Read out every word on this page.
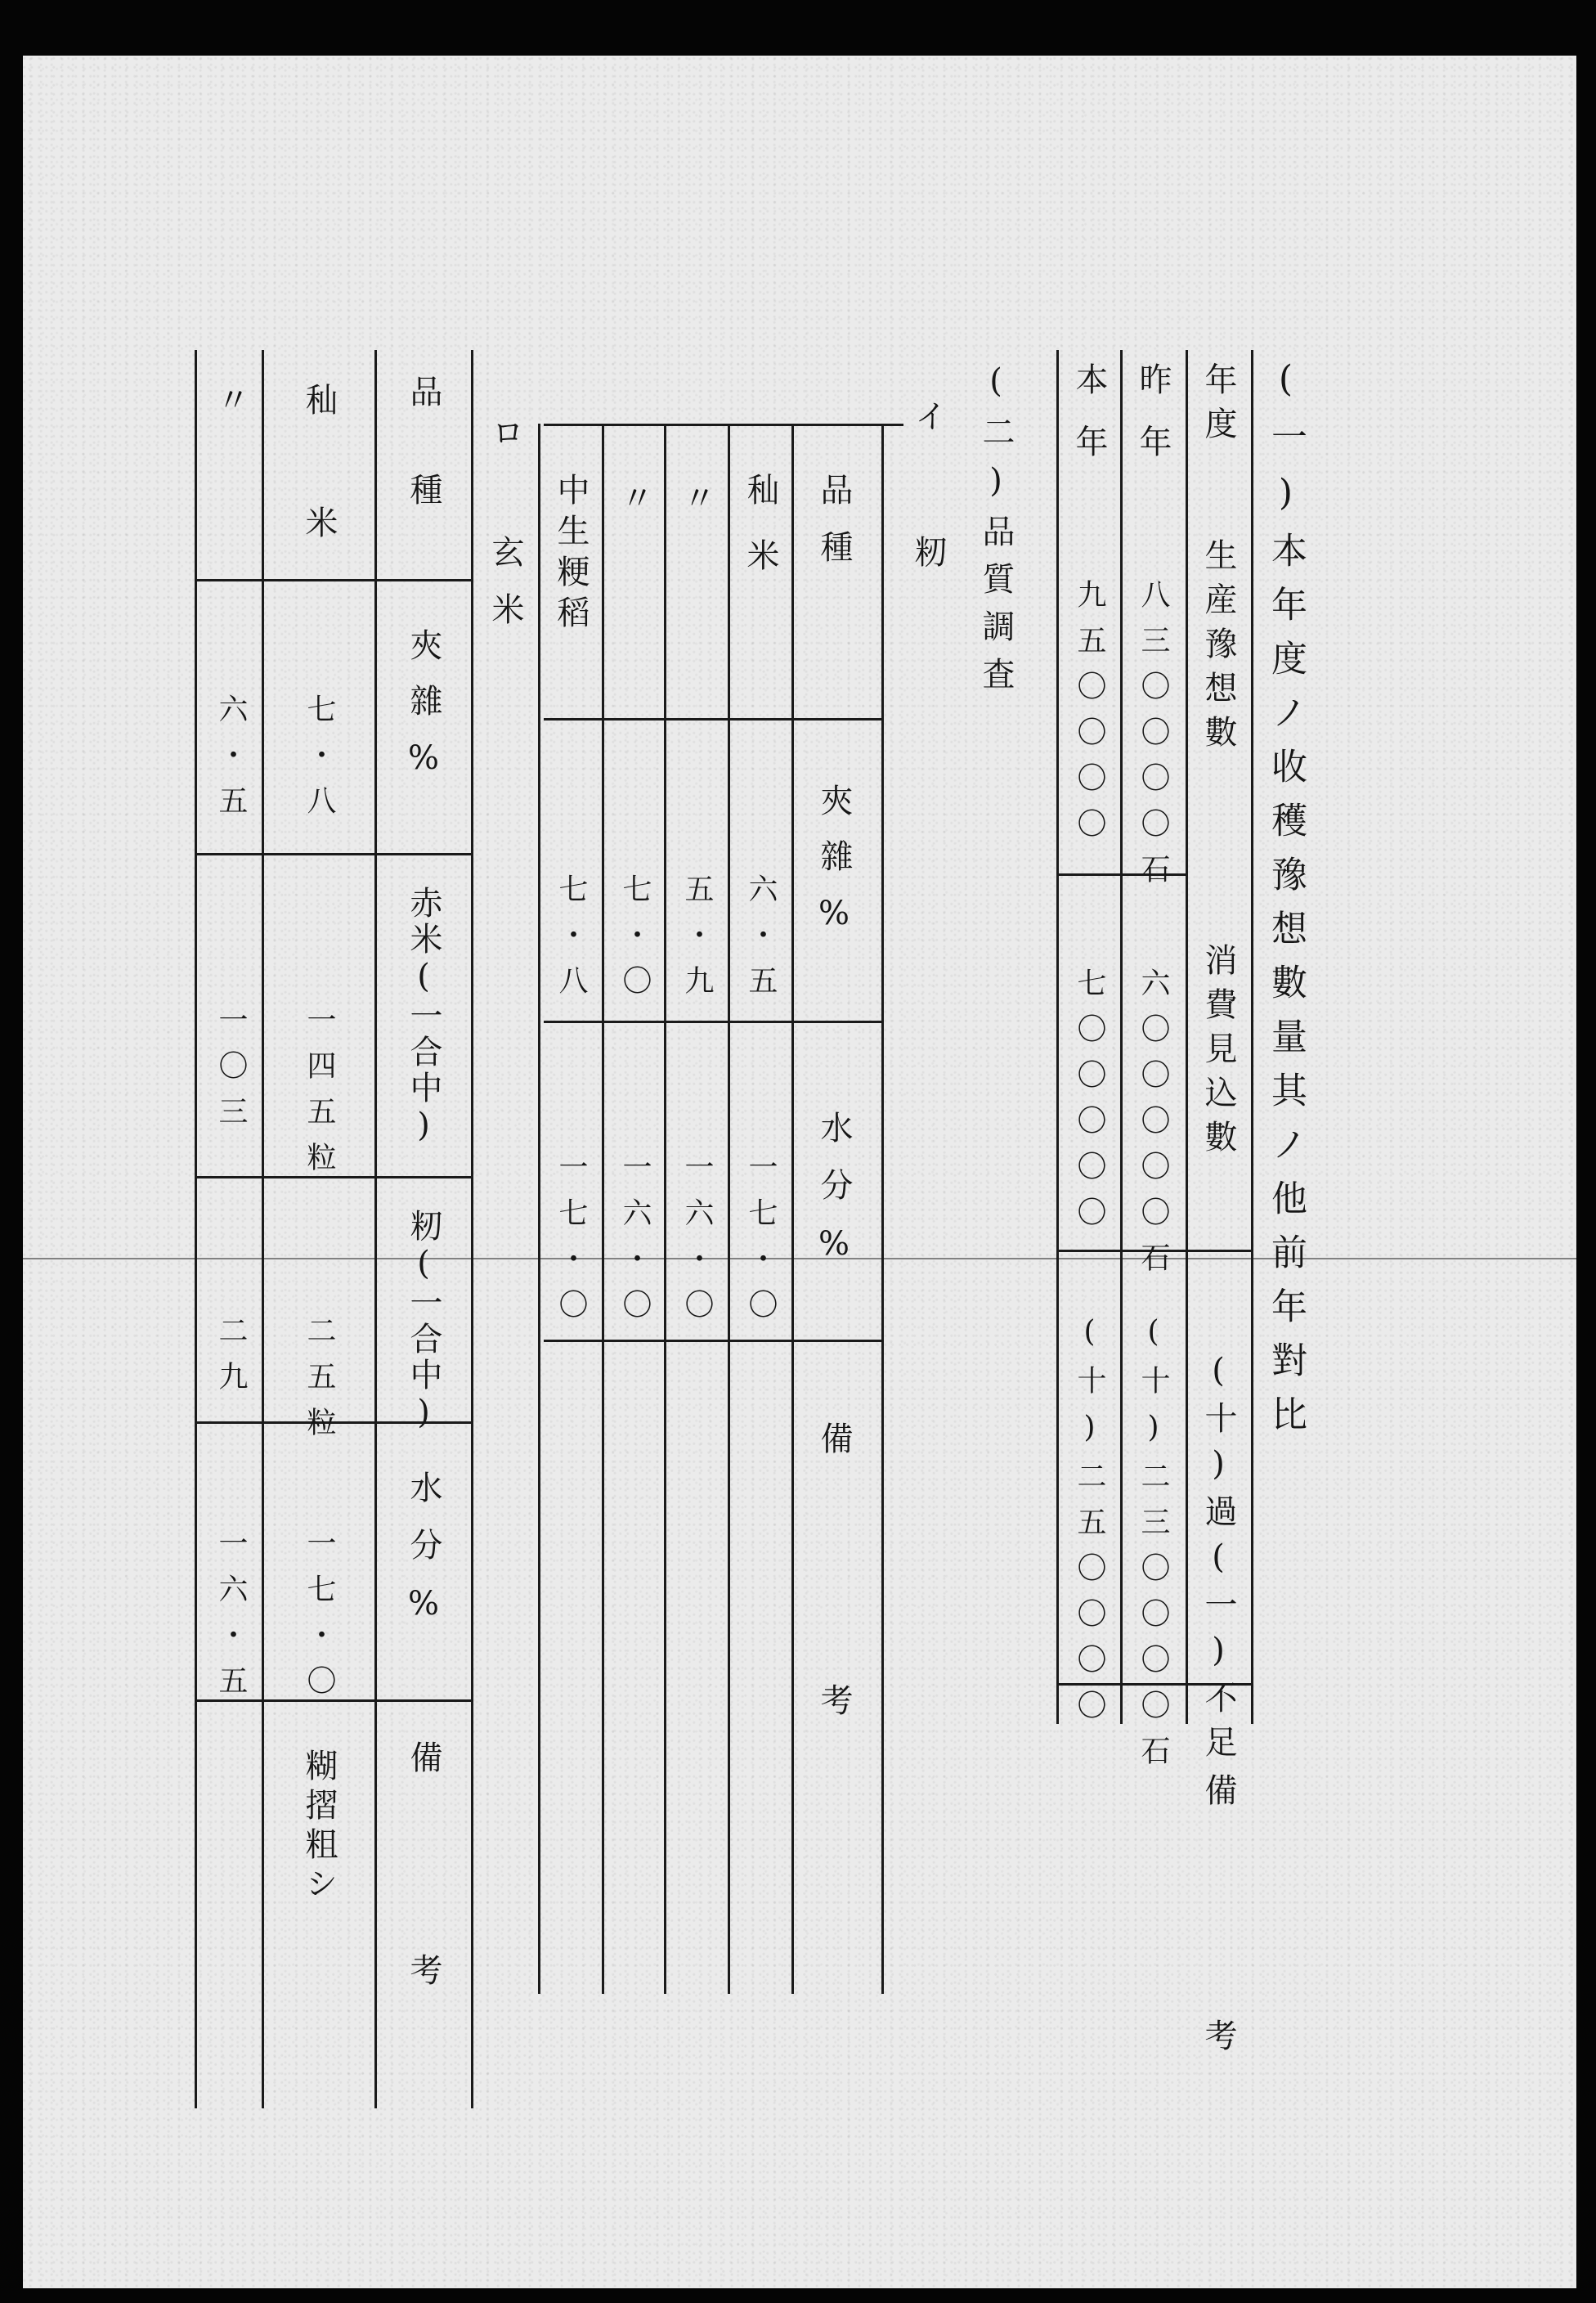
(一)本年度ノ收穫豫想數量其ノ他前年對比
年度
生産豫想數
消費見込數
(十)過(一)不足
備考
昨年
八三〇〇〇〇石
六〇〇〇〇〇石
(十)二三〇〇〇〇石
本年
九五〇〇〇〇
七〇〇〇〇〇
(十)二五〇〇〇〇
(二)品質調査
イ 籾
品種
夾雜%
水分%
備考
秈米
六・五
一七・〇
〃
五・九
一六・〇
〃
七・〇
一六・〇
中生粳稻
七・八
一七・〇
ロ 玄米
品種
夾雜%
赤米(一合中)
籾(一合中)
水分%
備考
秈米
七・八
一四五粒
二五粒
一七・〇
糊摺粗シ
〃
六・五
一〇三
二九
一六・五
